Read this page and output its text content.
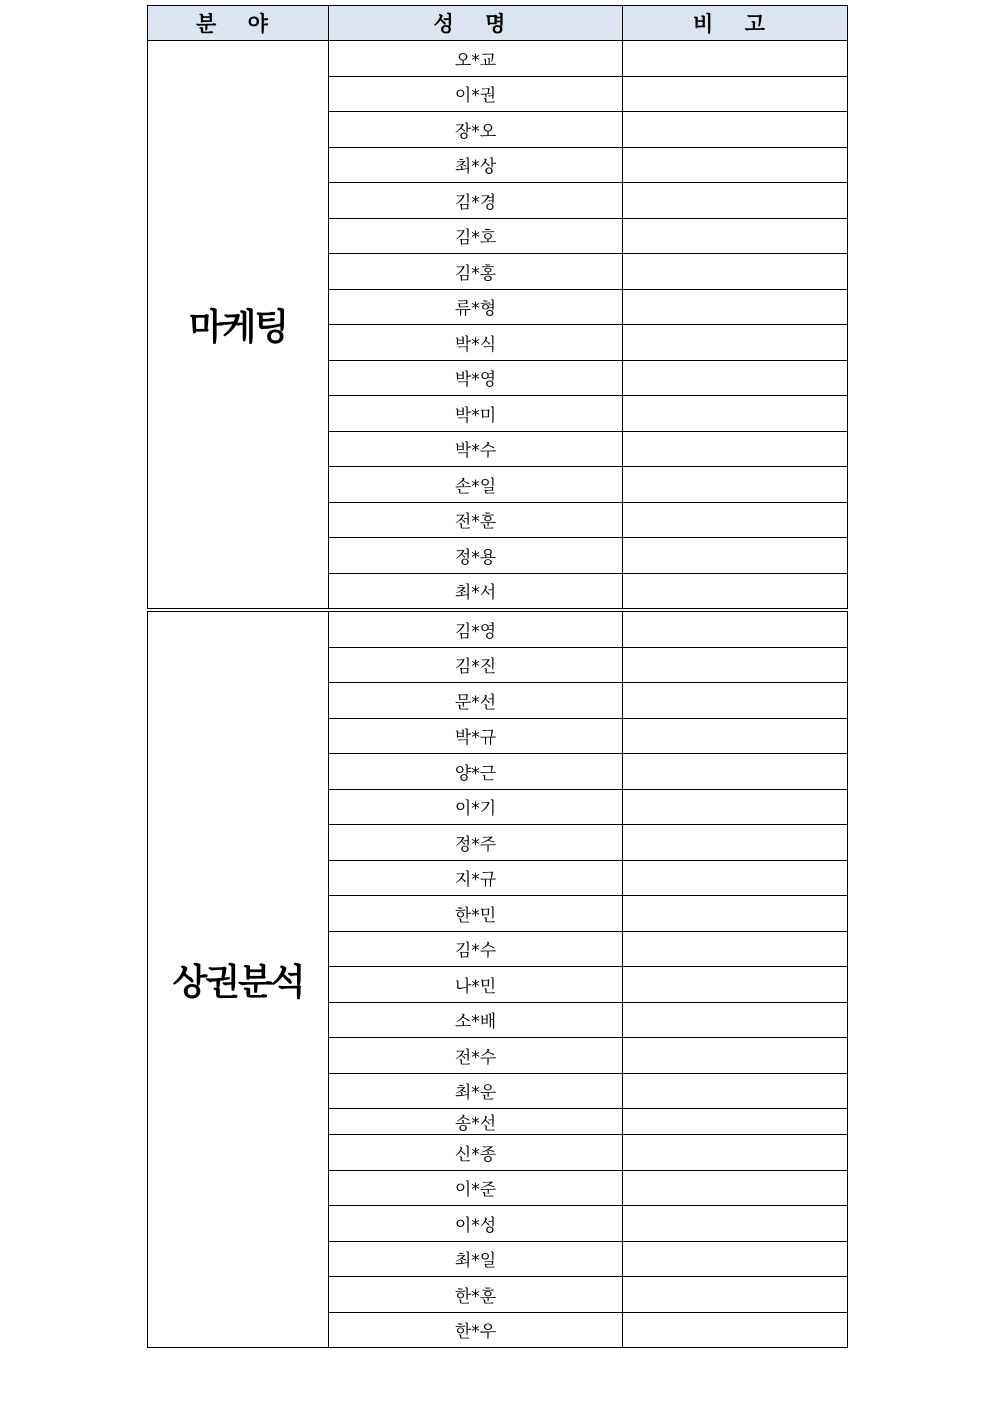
분 야	성 명	비 고
마케팅	오*교	
	이*권	
	장*오	
	최*상	
	김*경	
	김*호	
	김*홍	
	류*형	
	박*식	
	박*영	
	박*미	
	박*수	
	손*일	
	전*훈	
	정*용	
	최*서	
상권분석	김*영	
	김*진	
	문*선	
	박*규	
	양*근	
	이*기	
	정*주	
	지*규	
	한*민	
	김*수	
	나*민	
	소*배	
	전*수	
	최*운	
	송*선	
	신*종	
	이*준	
	이*성	
	최*일	
	한*훈	
	한*우	
